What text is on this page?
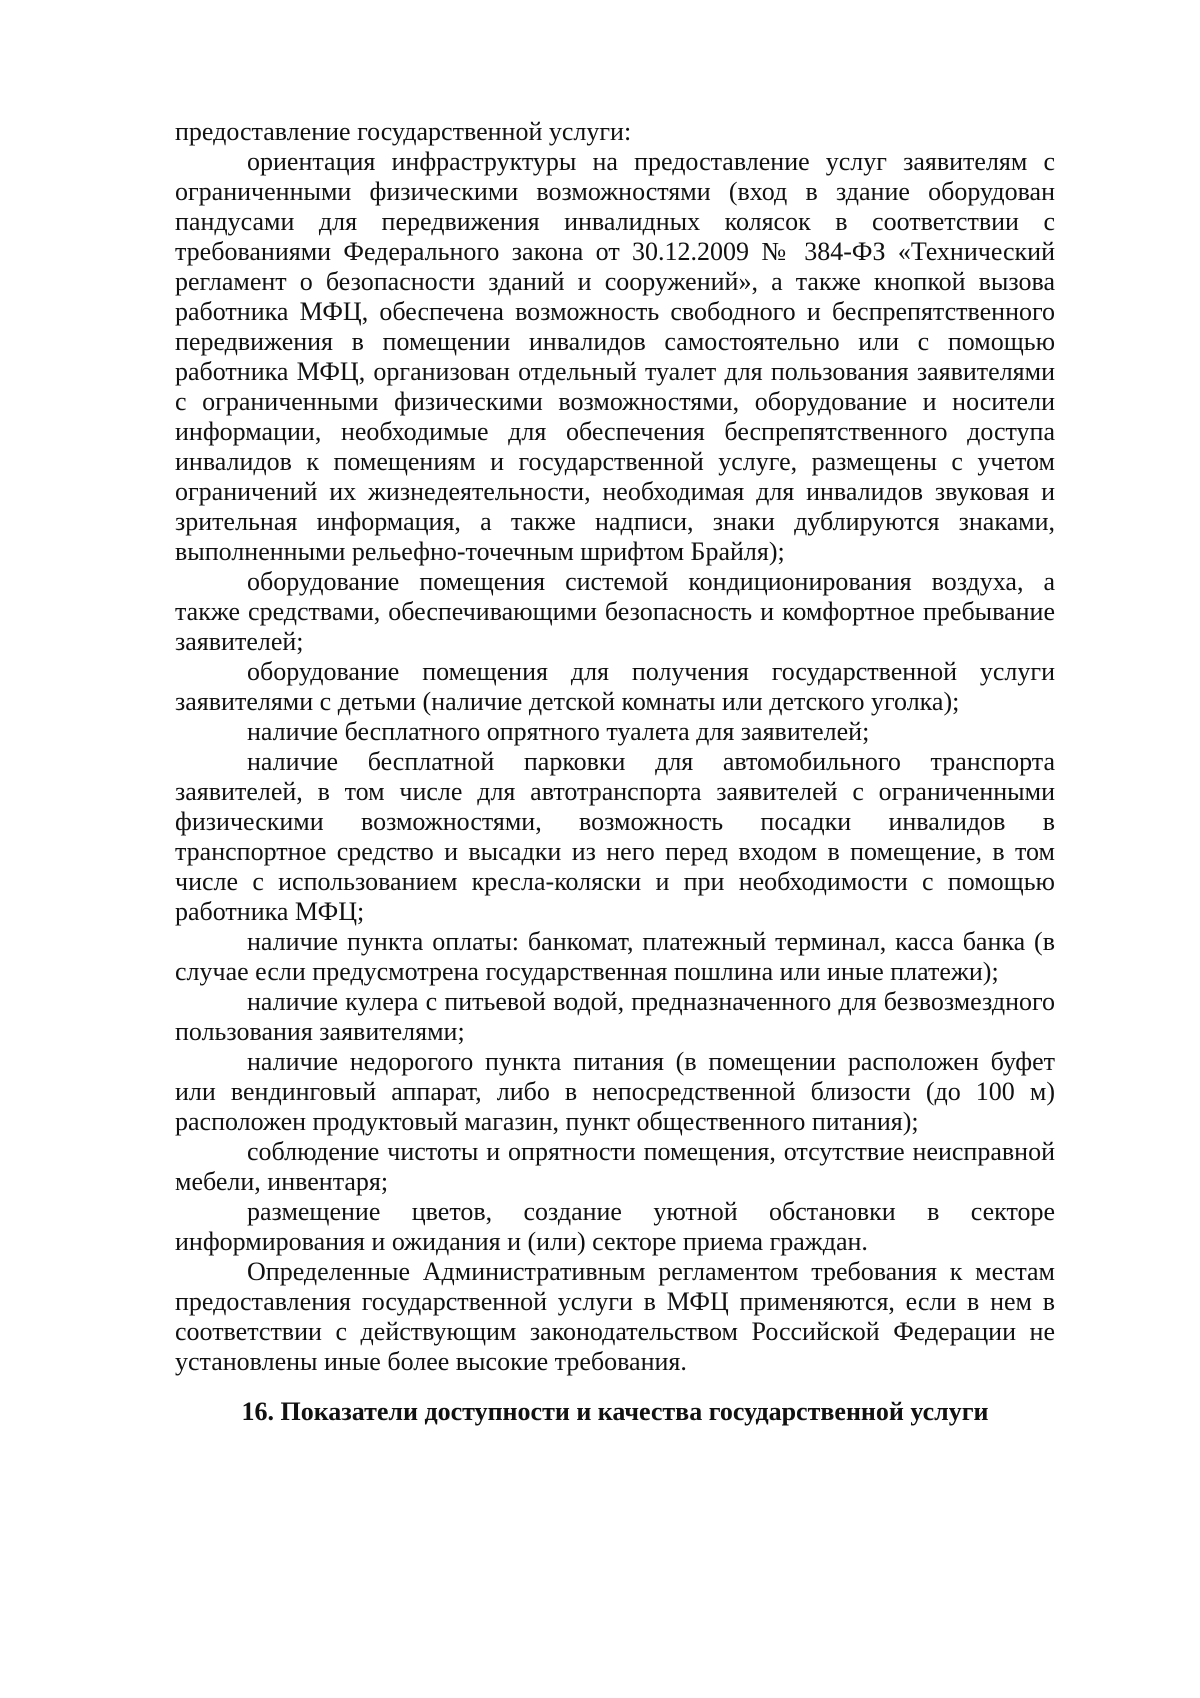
предоставление государственной услуги:

ориентация инфраструктуры на предоставление услуг заявителям с ограниченными физическими возможностями (вход в здание оборудован пандусами для передвижения инвалидных колясок в соответствии с требованиями Федерального закона от 30.12.2009 № 384-ФЗ «Технический регламент о безопасности зданий и сооружений», а также кнопкой вызова работника МФЦ, обеспечена возможность свободного и беспрепятственного передвижения в помещении инвалидов самостоятельно или с помощью работника МФЦ, организован отдельный туалет для пользования заявителями с ограниченными физическими возможностями, оборудование и носители информации, необходимые для обеспечения беспрепятственного доступа инвалидов к помещениям и государственной услуге, размещены с учетом ограничений их жизнедеятельности, необходимая для инвалидов звуковая и зрительная информация, а также надписи, знаки дублируются знаками, выполненными рельефно-точечным шрифтом Брайля);

оборудование помещения системой кондиционирования воздуха, а также средствами, обеспечивающими безопасность и комфортное пребывание заявителей;

оборудование помещения для получения государственной услуги заявителями с детьми (наличие детской комнаты или детского уголка);

наличие бесплатного опрятного туалета для заявителей;

наличие бесплатной парковки для автомобильного транспорта заявителей, в том числе для автотранспорта заявителей с ограниченными физическими возможностями, возможность посадки инвалидов в транспортное средство и высадки из него перед входом в помещение, в том числе с использованием кресла-коляски и при необходимости с помощью работника МФЦ;

наличие пункта оплаты: банкомат, платежный терминал, касса банка (в случае если предусмотрена государственная пошлина или иные платежи);

наличие кулера с питьевой водой, предназначенного для безвозмездного пользования заявителями;

наличие недорогого пункта питания (в помещении расположен буфет или вендинговый аппарат, либо в непосредственной близости (до 100 м) расположен продуктовый магазин, пункт общественного питания);

соблюдение чистоты и опрятности помещения, отсутствие неисправной мебели, инвентаря;

размещение цветов, создание уютной обстановки в секторе информирования и ожидания и (или) секторе приема граждан.

Определенные Административным регламентом требования к местам предоставления государственной услуги в МФЦ применяются, если в нем в соответствии с действующим законодательством Российской Федерации не установлены иные более высокие требования.

16. Показатели доступности и качества государственной услуги
